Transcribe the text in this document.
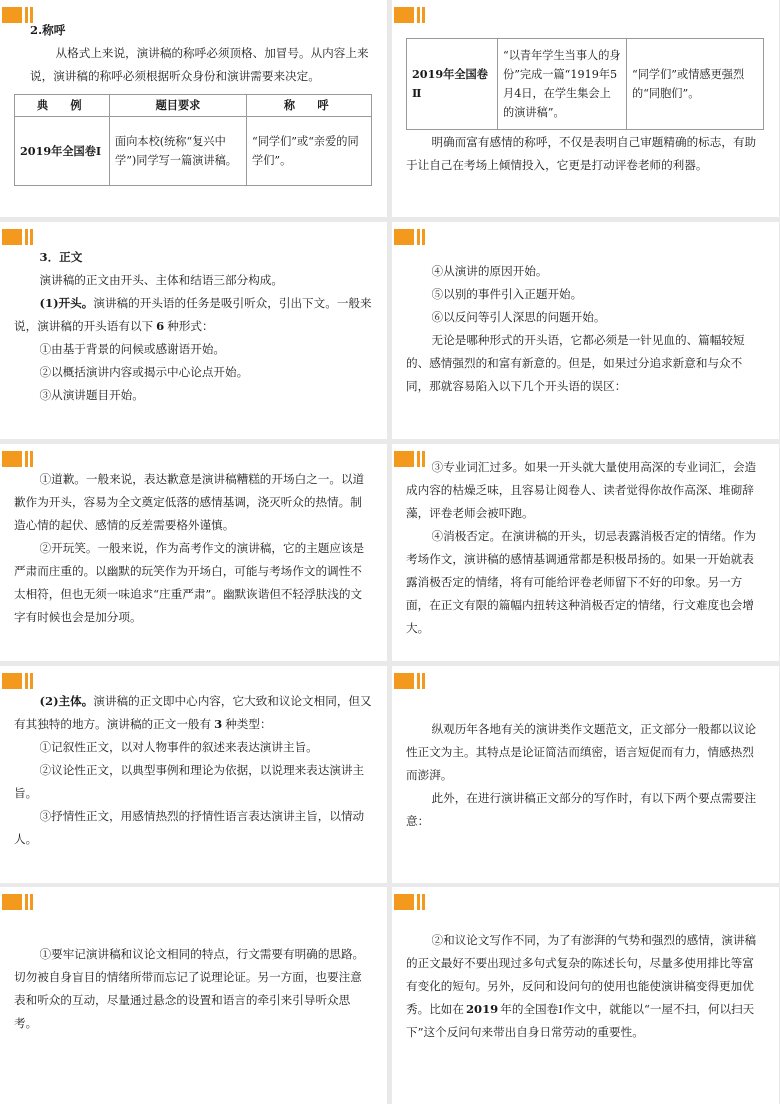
2.称呼

从格式上来说，演讲稿的称呼必须顶格、加冒号。从内容上来说，演讲稿的称呼必须根据听众身份和演讲需要来决定。

典　例	题目要求	称　呼
2019年全国卷Ⅰ	面向本校(统称“复兴中学”)同学写一篇演讲稿。	“同学们”或“亲爱的同学们”。
2019年全国卷Ⅱ	“以青年学生当事人的身份”完成一篇“1919年5月4日，在学生集会上的演讲稿”。	“同学们”或情感更强烈的“同胞们”。

明确而富有感情的称呼，不仅是表明自己审题精确的标志，有助于让自己在考场上倾情投入，它更是打动评卷老师的利器。

3．正文

演讲稿的正文由开头、主体和结语三部分构成。

(1)开头。演讲稿的开头语的任务是吸引听众，引出下文。一般来说，演讲稿的开头语有以下 6 种形式：

①由基于背景的问候或感谢语开始。

②以概括演讲内容或揭示中心论点开始。

③从演讲题目开始。

④从演讲的原因开始。

⑤以别的事件引入正题开始。

⑥以反问等引人深思的问题开始。

无论是哪种形式的开头语，它都必须是一针见血的、篇幅较短的、感情强烈的和富有新意的。但是，如果过分追求新意和与众不同，那就容易陷入以下几个开头语的误区：

①道歉。一般来说，表达歉意是演讲稿糟糕的开场白之一。以道歉作为开头，容易为全文奠定低落的感情基调，浇灭听众的热情。制造心情的起伏、感情的反差需要格外谨慎。

②开玩笑。一般来说，作为高考作文的演讲稿，它的主题应该是严肃而庄重的。以幽默的玩笑作为开场白，可能与考场作文的调性不太相符，但也无须一味追求“庄重严肃”。幽默诙谐但不轻浮肤浅的文字有时候也会是加分项。

③专业词汇过多。如果一开头就大量使用高深的专业词汇，会造成内容的枯燥乏味，且容易让阅卷人、读者觉得你故作高深、堆砌辞藻，评卷老师会被吓跑。

④消极否定。在演讲稿的开头，切忌表露消极否定的情绪。作为考场作文，演讲稿的感情基调通常都是积极昂扬的。如果一开始就表露消极否定的情绪，将有可能给评卷老师留下不好的印象。另一方面，在正文有限的篇幅内扭转这种消极否定的情绪，行文难度也会增大。

(2)主体。演讲稿的正文即中心内容，它大致和议论文相同，但又有其独特的地方。演讲稿的正文一般有 3 种类型：

①记叙性正文，以对人物事件的叙述来表达演讲主旨。

②议论性正文，以典型事例和理论为依据，以说理来表达演讲主旨。

③抒情性正文，用感情热烈的抒情性语言表达演讲主旨，以情动人。

纵观历年各地有关的演讲类作文题范文，正文部分一般都以议论性正文为主。其特点是论证简洁而缜密，语言短促而有力，情感热烈而澎湃。

此外，在进行演讲稿正文部分的写作时，有以下两个要点需要注意：

①要牢记演讲稿和议论文相同的特点，行文需要有明确的思路。切勿被自身盲目的情绪所带而忘记了说理论证。另一方面，也要注意表和听众的互动，尽量通过悬念的设置和语言的牵引来引导听众思考。

②和议论文写作不同，为了有澎湃的气势和强烈的感情，演讲稿的正文最好不要出现过多句式复杂的陈述长句，尽量多使用排比等富有变化的短句。另外，反问和设问句的使用也能使演讲稿变得更加优秀。比如在 2019 年的全国卷Ⅰ作文中，就能以“一屋不扫，何以扫天下”这个反问句来带出自身日常劳动的重要性。
